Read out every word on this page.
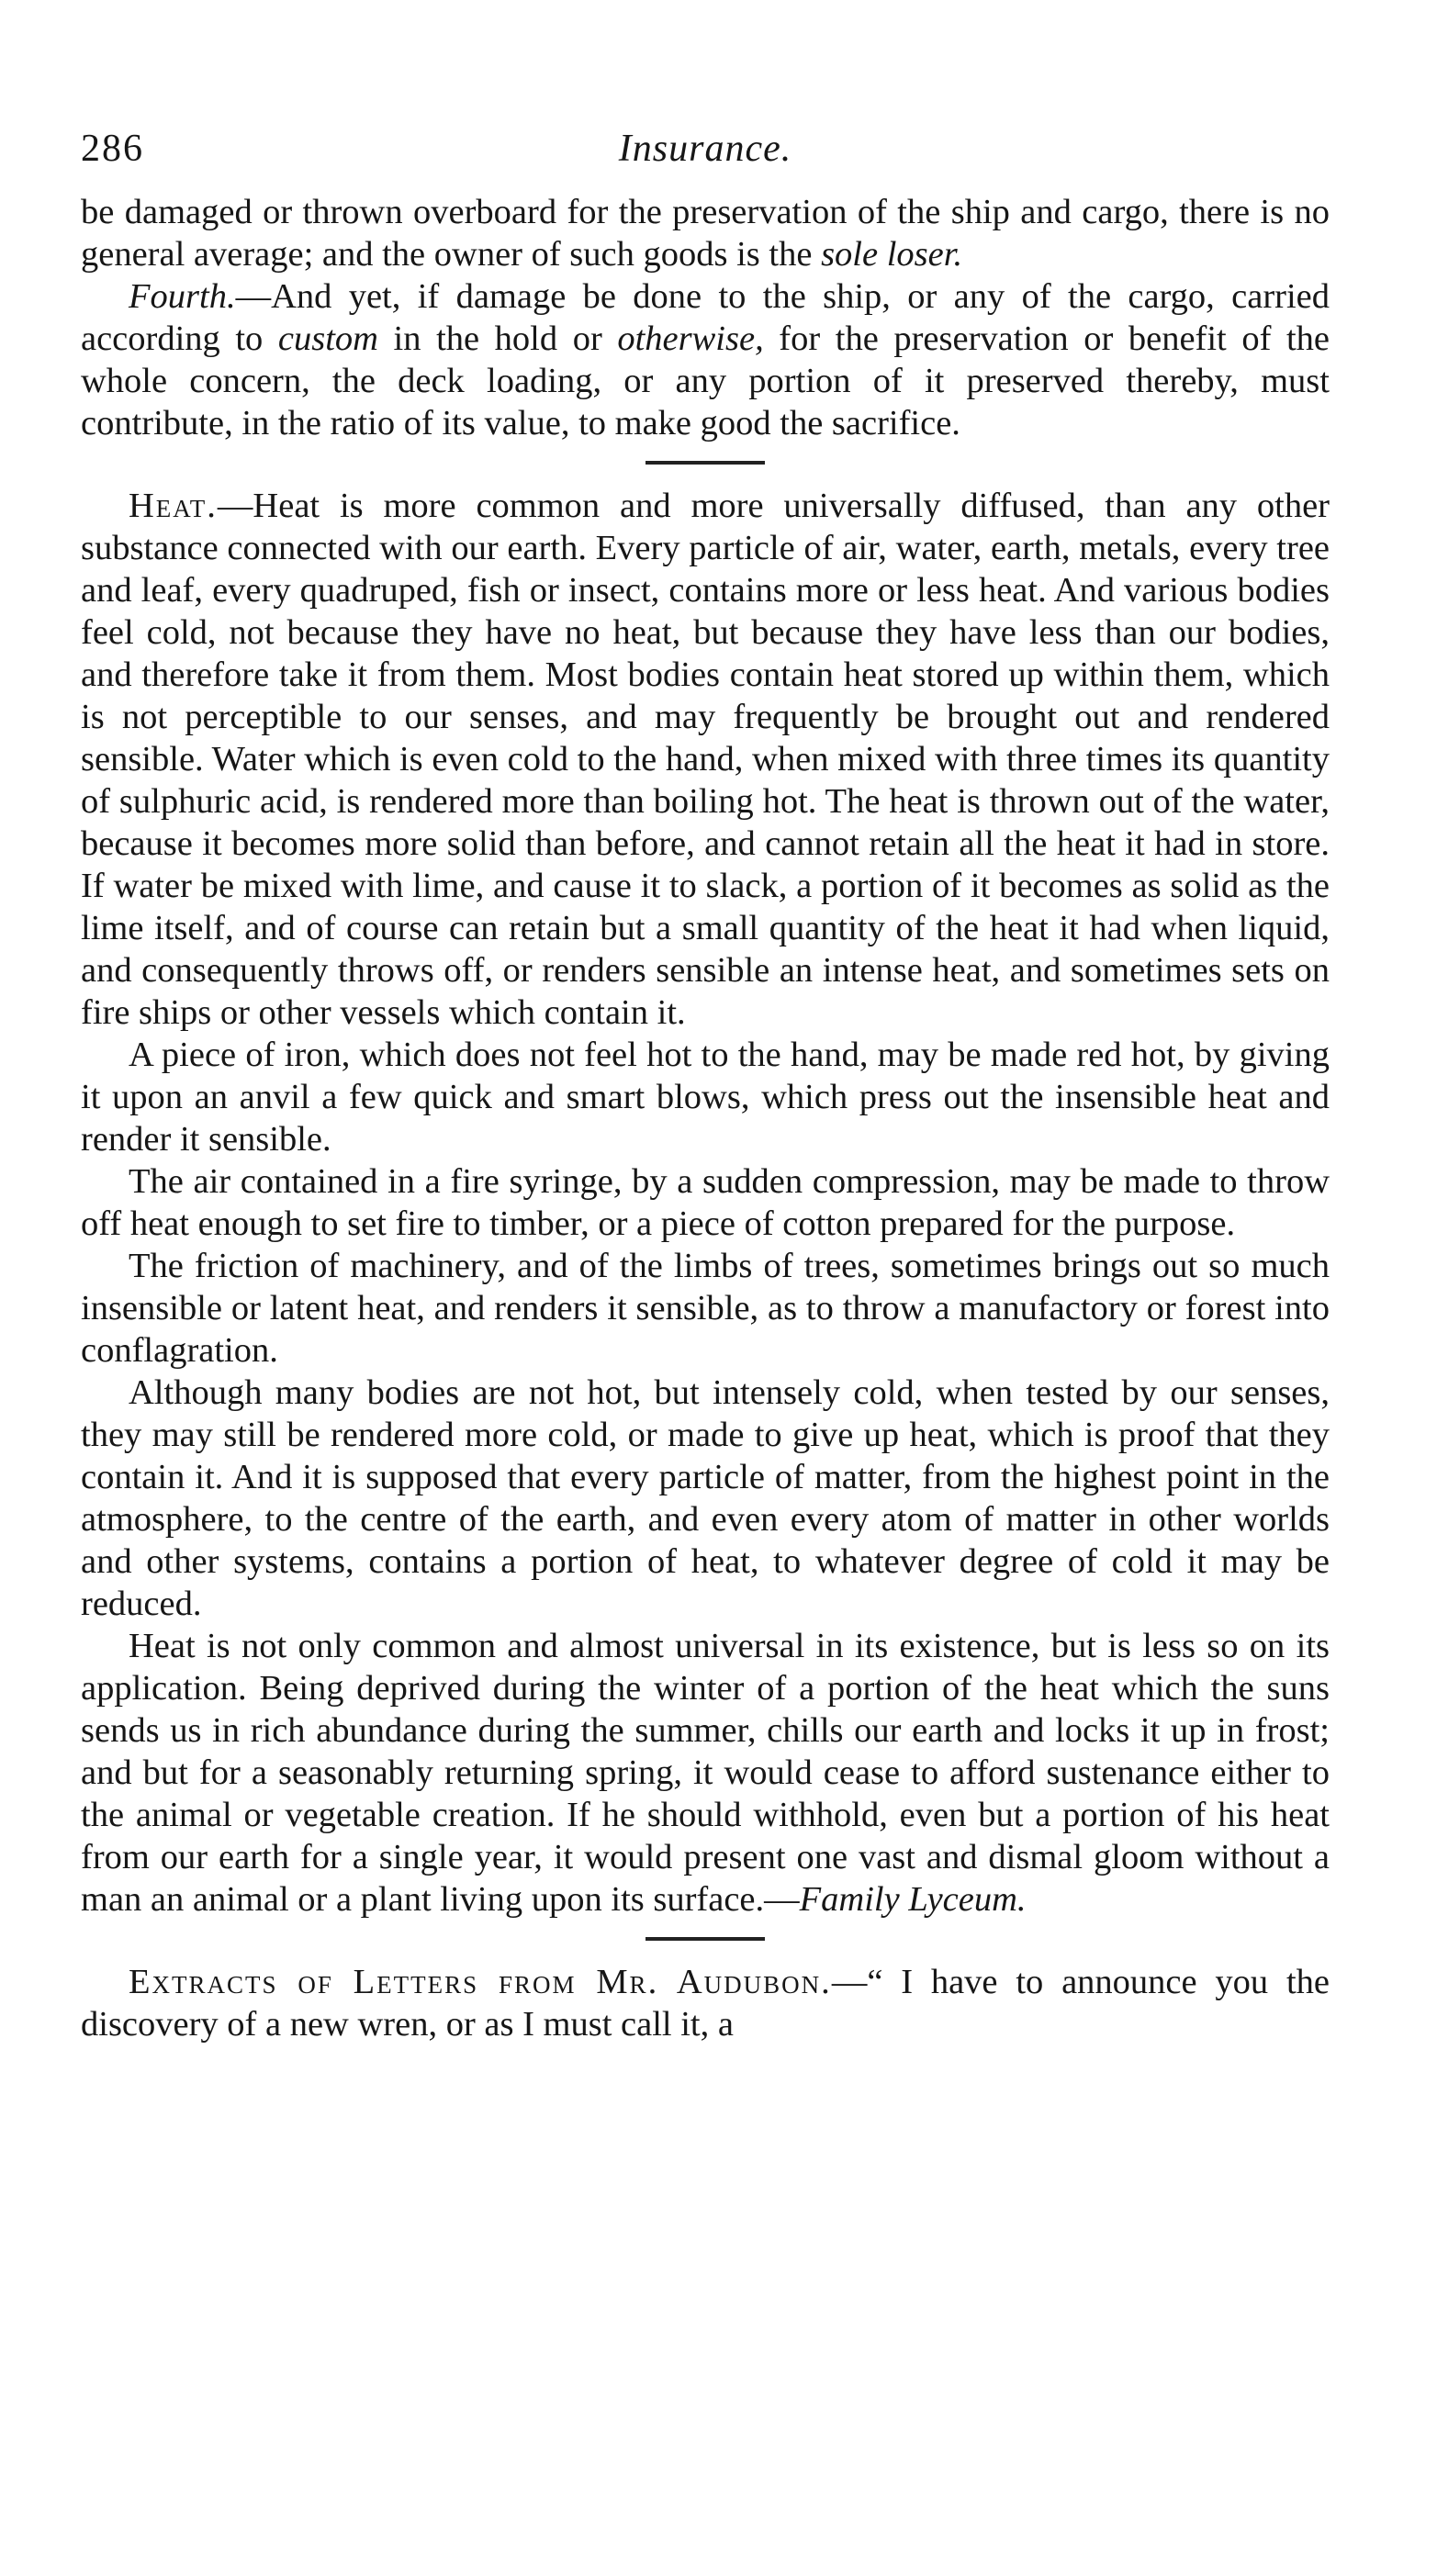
286	Insurance.

be damaged or thrown overboard for the preservation of the ship and cargo, there is no general average; and the owner of such goods is the sole loser.

Fourth.—And yet, if damage be done to the ship, or any of the cargo, carried according to custom in the hold or otherwise, for the preservation or benefit of the whole concern, the deck loading, or any portion of it preserved thereby, must contribute, in the ratio of its value, to make good the sacrifice.

Heat.—Heat is more common and more universally diffused, than any other substance connected with our earth. Every particle of air, water, earth, metals, every tree and leaf, every quadruped, fish or insect, contains more or less heat. And various bodies feel cold, not because they have no heat, but because they have less than our bodies, and therefore take it from them. Most bodies contain heat stored up within them, which is not perceptible to our senses, and may frequently be brought out and rendered sensible. Water which is even cold to the hand, when mixed with three times its quantity of sulphuric acid, is rendered more than boiling hot. The heat is thrown out of the water, because it becomes more solid than before, and cannot retain all the heat it had in store. If water be mixed with lime, and cause it to slack, a portion of it becomes as solid as the lime itself, and of course can retain but a small quantity of the heat it had when liquid, and consequently throws off, or renders sensible an intense heat, and sometimes sets on fire ships or other vessels which contain it.

A piece of iron, which does not feel hot to the hand, may be made red hot, by giving it upon an anvil a few quick and smart blows, which press out the insensible heat and render it sensible.

The air contained in a fire syringe, by a sudden compression, may be made to throw off heat enough to set fire to timber, or a piece of cotton prepared for the purpose.

The friction of machinery, and of the limbs of trees, sometimes brings out so much insensible or latent heat, and renders it sensible, as to throw a manufactory or forest into conflagration.

Although many bodies are not hot, but intensely cold, when tested by our senses, they may still be rendered more cold, or made to give up heat, which is proof that they contain it. And it is supposed that every particle of matter, from the highest point in the atmosphere, to the centre of the earth, and even every atom of matter in other worlds and other systems, contains a portion of heat, to whatever degree of cold it may be reduced.

Heat is not only common and almost universal in its existence, but is less so on its application. Being deprived during the winter of a portion of the heat which the suns sends us in rich abundance during the summer, chills our earth and locks it up in frost; and but for a seasonably returning spring, it would cease to afford sustenance either to the animal or vegetable creation. If he should withhold, even but a portion of his heat from our earth for a single year, it would present one vast and dismal gloom without a man an animal or a plant living upon its surface.—Family Lyceum.

Extracts of Letters from Mr. Audubon.—“ I have to announce you the discovery of a new wren, or as I must call it, a
